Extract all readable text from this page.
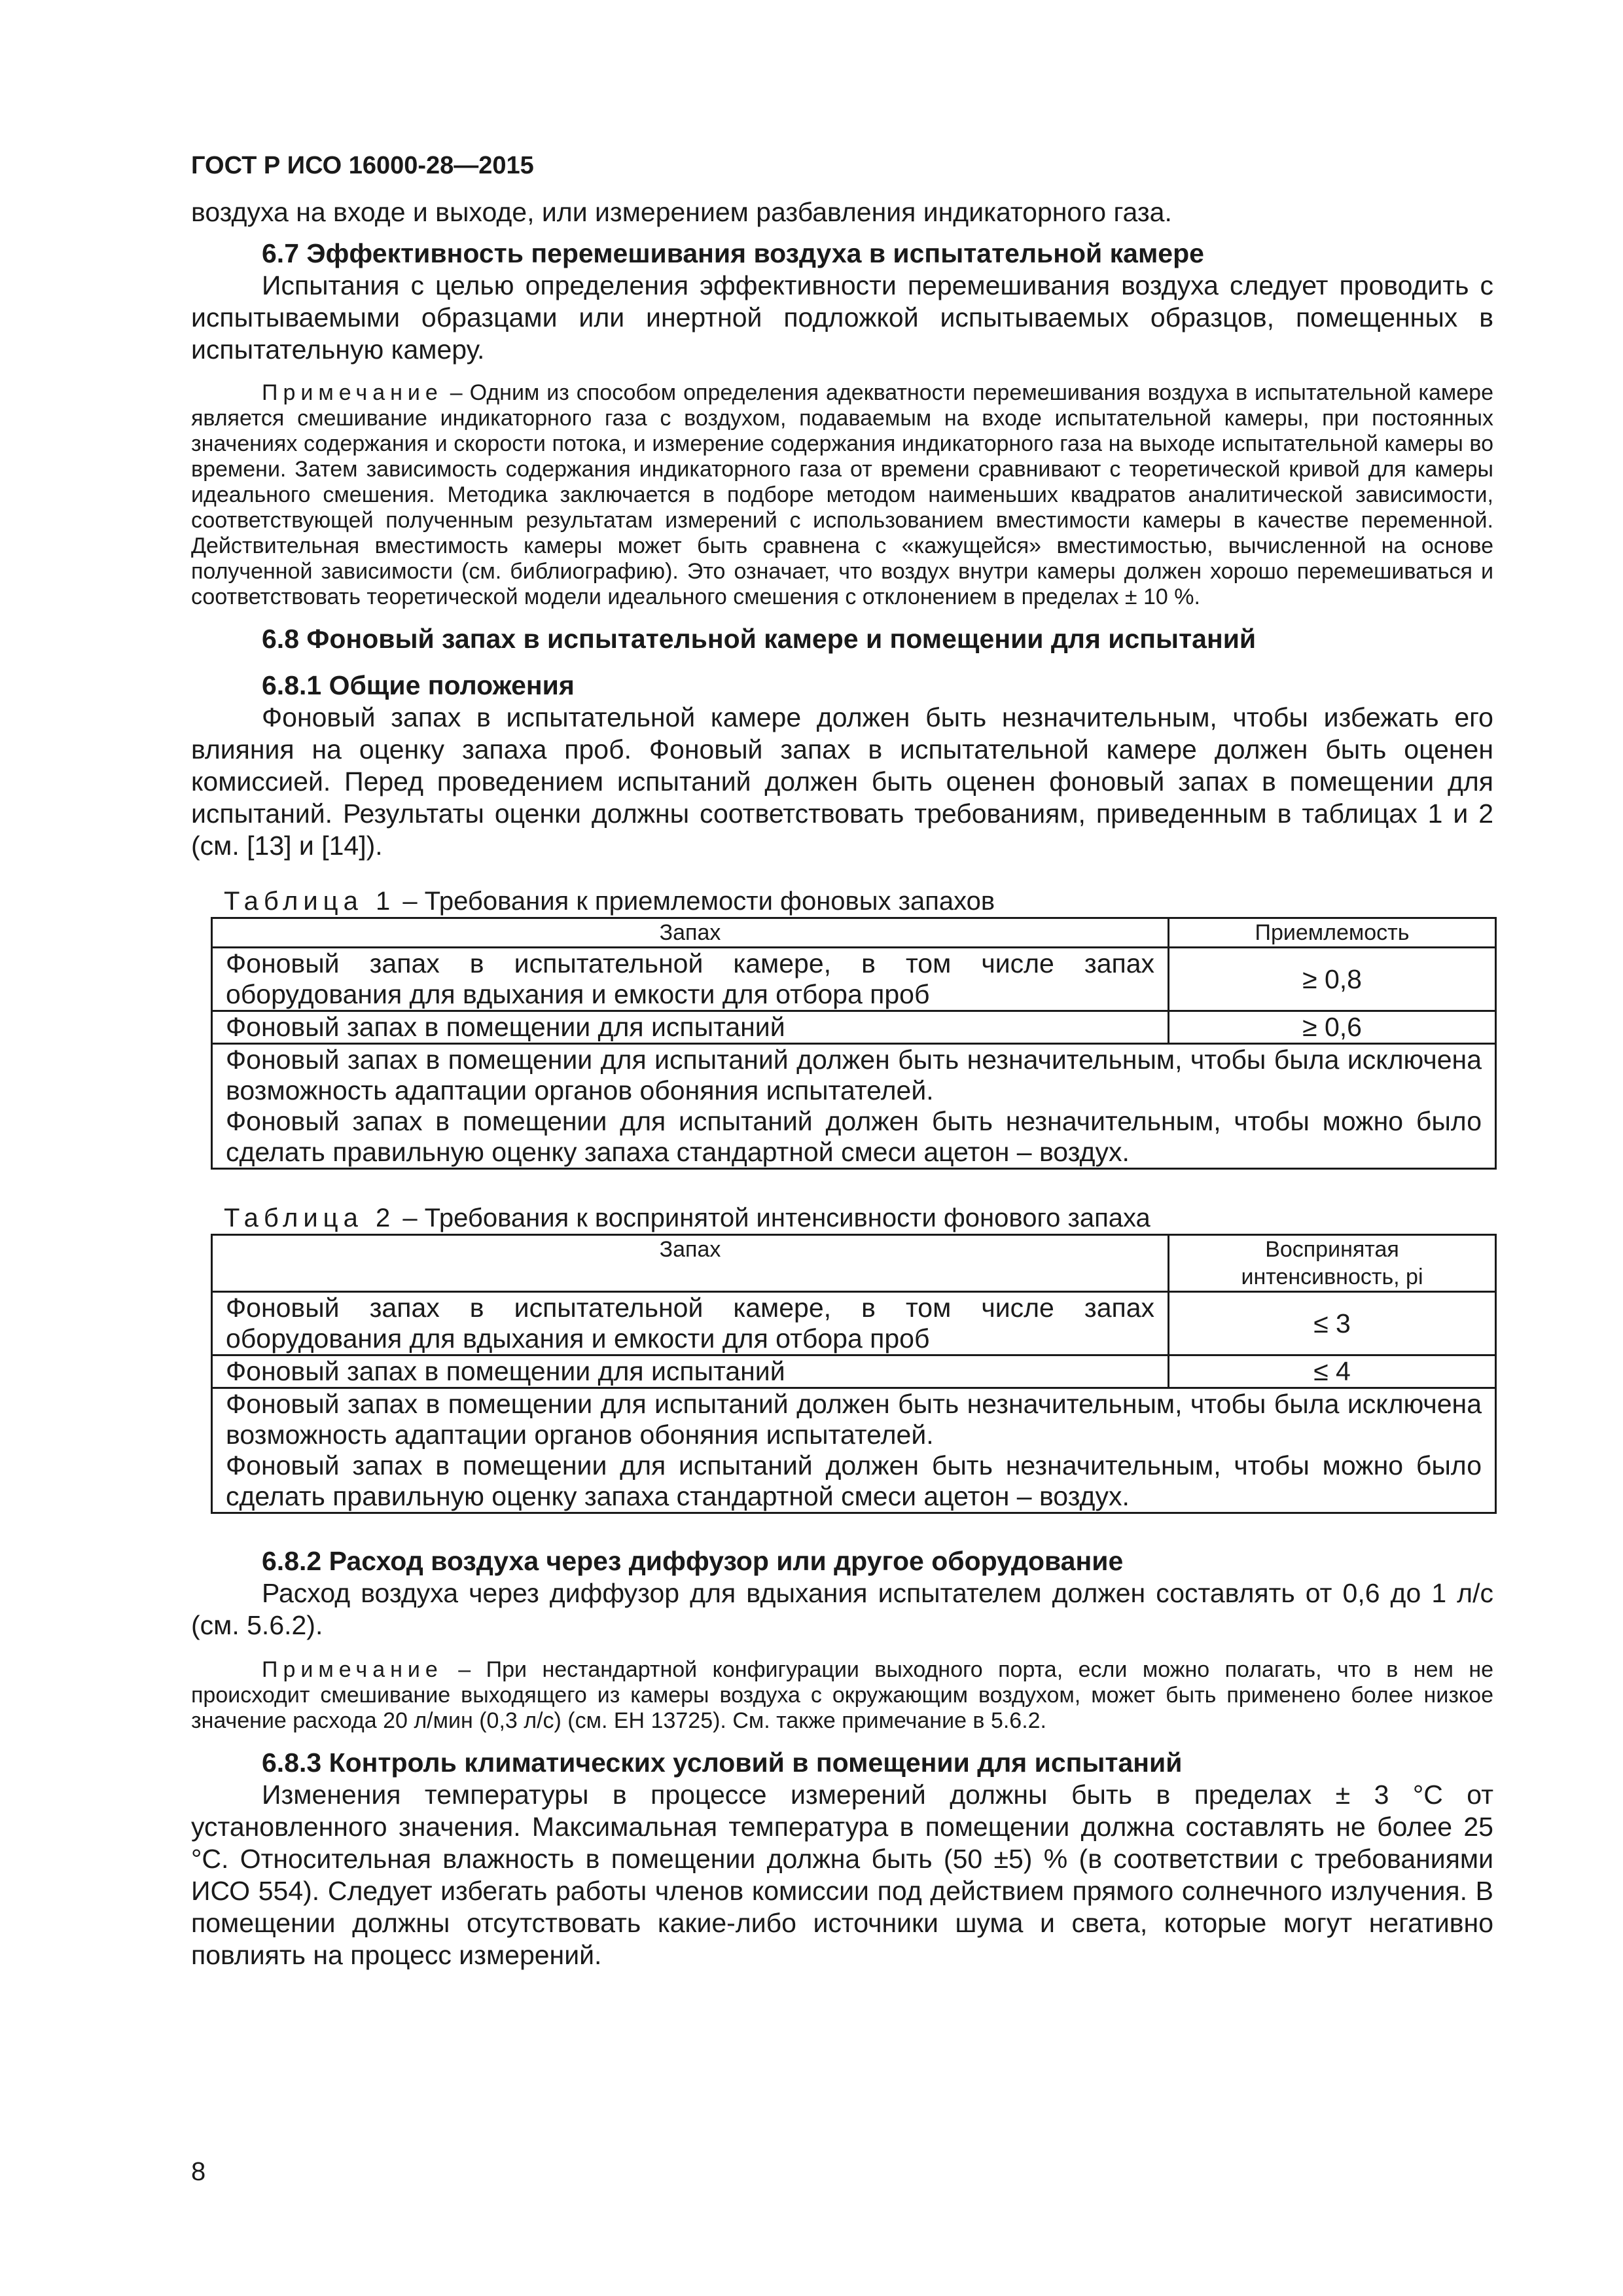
ГОСТ Р ИСО 16000-28—2015

воздуха на входе и выходе, или измерением разбавления индикаторного газа.

6.7 Эффективность перемешивания воздуха в испытательной камере

Испытания с целью определения эффективности перемешивания воздуха следует проводить с испытываемыми образцами или инертной подложкой испытываемых образцов, помещенных в испытательную камеру.

Примечание – Одним из способом определения адекватности перемешивания воздуха в испытательной камере является смешивание индикаторного газа с воздухом, подаваемым на входе испытательной камеры, при постоянных значениях содержания и скорости потока, и измерение содержания индикаторного газа на выходе испытательной камеры во времени. Затем зависимость содержания индикаторного газа от времени сравнивают с теоретической кривой для камеры идеального смешения. Методика заключается в подборе методом наименьших квадратов аналитической зависимости, соответствующей полученным результатам измерений с использованием вместимости камеры в качестве переменной. Действительная вместимость камеры может быть сравнена с «кажущейся» вместимостью, вычисленной на основе полученной зависимости (см. библиографию). Это означает, что воздух внутри камеры должен хорошо перемешиваться и соответствовать теоретической модели идеального смешения с отклонением в пределах ± 10 %.

6.8 Фоновый запах в испытательной камере и помещении для испытаний

6.8.1 Общие положения

Фоновый запах в испытательной камере должен быть незначительным, чтобы избежать его влияния на оценку запаха проб. Фоновый запах в испытательной камере должен быть оценен комиссией. Перед проведением испытаний должен быть оценен фоновый запах в помещении для испытаний. Результаты оценки должны соответствовать требованиям, приведенным в таблицах 1 и 2 (см. [13] и [14]).

Таблица 1 – Требования к приемлемости фоновых запахов

Запах	Приемлемость
Фоновый запах в испытательной камере, в том числе запах оборудования для вдыхания и емкости для отбора проб	≥ 0,8
Фоновый запах в помещении для испытаний	≥ 0,6

Фоновый запах в помещении для испытаний должен быть незначительным, чтобы была исключена возможность адаптации органов обоняния испытателей.
Фоновый запах в помещении для испытаний должен быть незначительным, чтобы можно было сделать правильную оценку запаха стандартной смеси ацетон – воздух.	

Таблица 2 – Требования к воспринятой интенсивности фонового запаха

Запах	Воспринятая
интенсивность, pi

Фоновый запах в испытательной камере, в том числе запах оборудования для вдыхания и емкости для отбора проб	≤ 3
Фоновый запах в помещении для испытаний	≤ 4

Фоновый запах в помещении для испытаний должен быть незначительным, чтобы была исключена возможность адаптации органов обоняния испытателей.
Фоновый запах в помещении для испытаний должен быть незначительным, чтобы можно было сделать правильную оценку запаха стандартной смеси ацетон – воздух.	

6.8.2 Расход воздуха через диффузор или другое оборудование

Расход воздуха через диффузор для вдыхания испытателем должен составлять от 0,6 до 1 л/с (см. 5.6.2).

Примечание – При нестандартной конфигурации выходного порта, если можно полагать, что в нем не происходит смешивание выходящего из камеры воздуха с окружающим воздухом, может быть применено более низкое значение расхода 20 л/мин (0,3 л/с) (см. ЕН 13725). См. также примечание в 5.6.2.

6.8.3 Контроль климатических условий в помещении для испытаний

Изменения температуры в процессе измерений должны быть в пределах ± 3 °С от установленного значения. Максимальная температура в помещении должна составлять не более 25 °С. Относительная влажность в помещении должна быть (50 ±5) % (в соответствии с требованиями ИСО 554). Следует избегать работы членов комиссии под действием прямого солнечного излучения. В помещении должны отсутствовать какие-либо источники шума и света, которые могут негативно повлиять на процесс измерений.

8
